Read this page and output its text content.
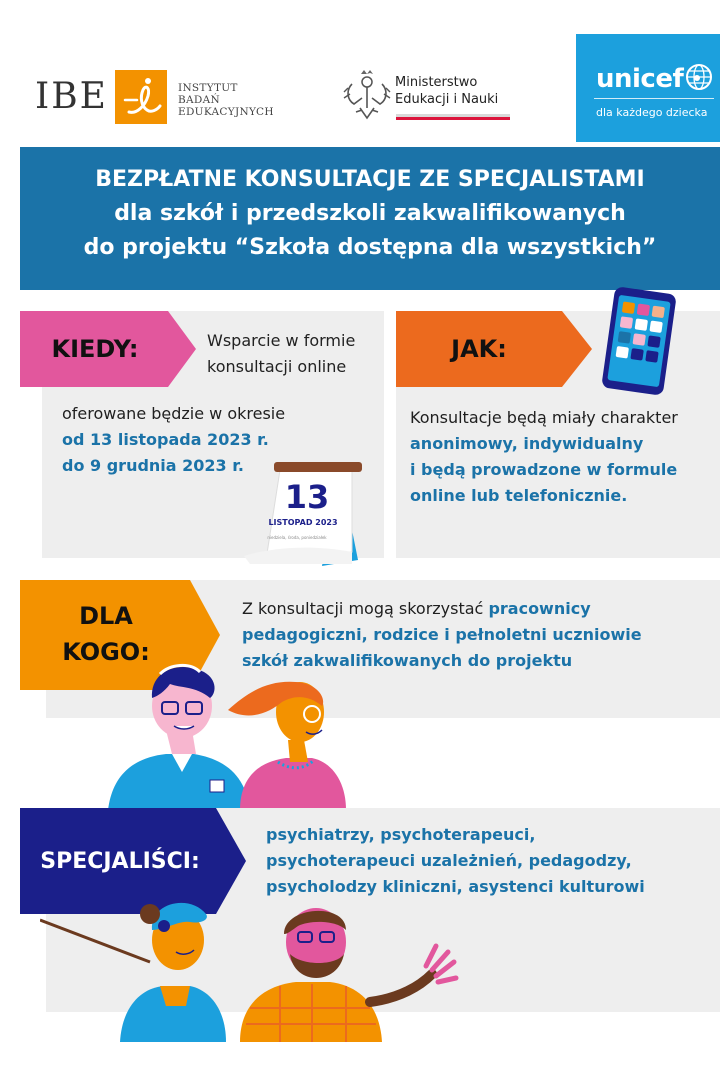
IBE	INSTYTUT
BADAŃ
EDUKACYJNYCH
Ministerstwo
Edukacji i Nauki
unicef
dla każdego dziecka
BEZPŁATNE KONSULTACJE ZE SPECJALISTAMI
dla szkół i przedszkoli zakwalifikowanych
do projektu “Szkoła dostępna dla wszystkich”
KIEDY:	Wsparcie w formie
konsultacji online
oferowane będzie w okresie
od 13 listopada 2023 r.
do 9 grudnia 2023 r.
13
LISTOPAD 2023
niedziela, środa, poniedziałek
JAK:
Konsultacje będą miały charakter
anonimowy, indywidualny
i będą prowadzone w formule
online lub telefonicznie.
DLA
KOGO:
Z konsultacji mogą skorzystać pracownicy
pedagogiczni, rodzice i pełnoletni uczniowie
szkół zakwalifikowanych do projektu
SPECJALIŚCI:
psychiatrzy, psychoterapeuci,
psychoterapeuci uzależnień, pedagodzy,
psycholodzy kliniczni, asystenci kulturowi
